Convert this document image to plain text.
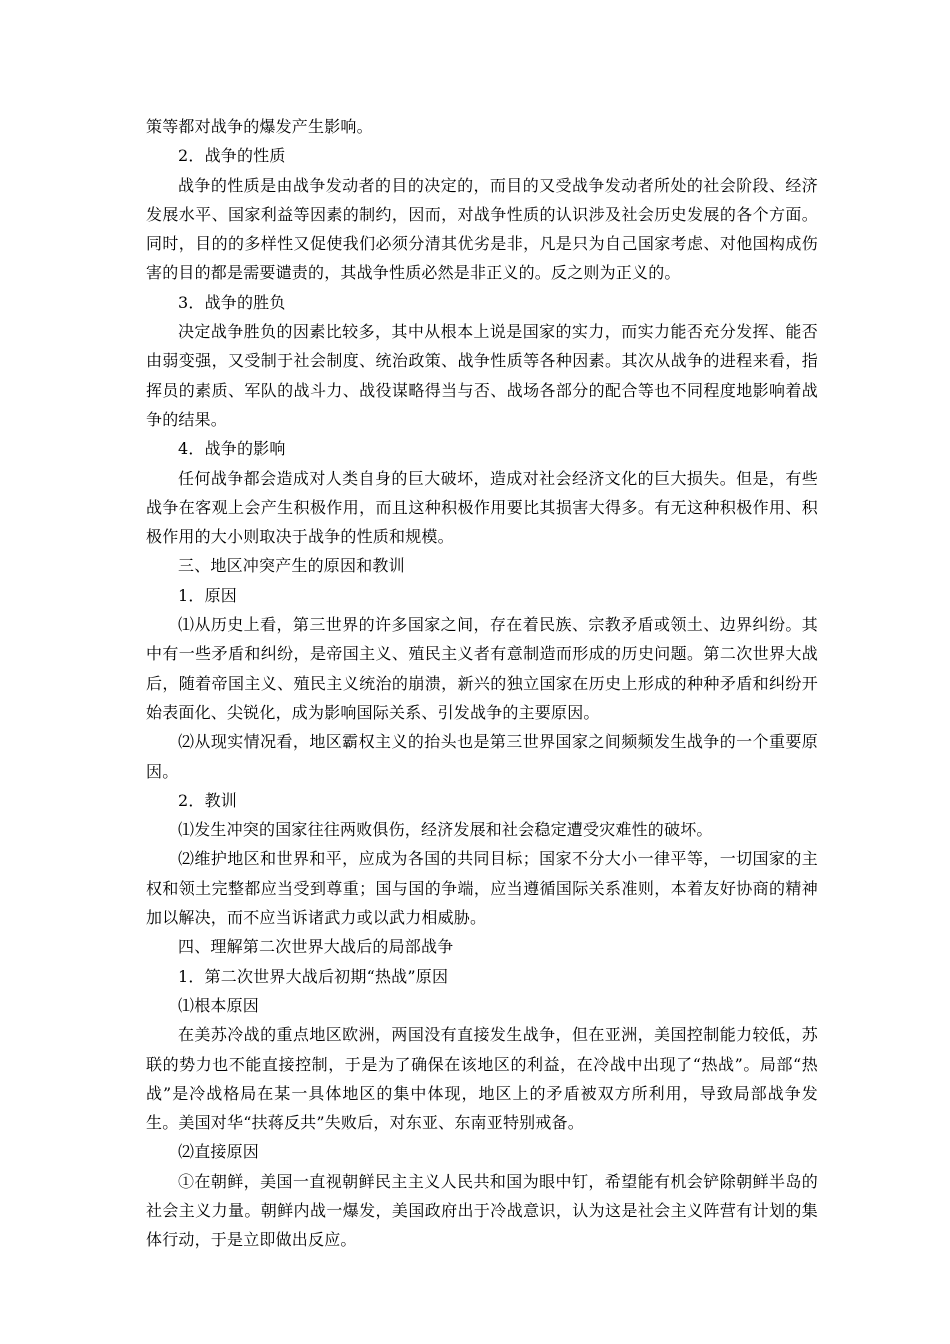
策等都对战争的爆发产生影响。

2．战争的性质

战争的性质是由战争发动者的目的决定的，而目的又受战争发动者所处的社会阶段、经济发展水平、国家利益等因素的制约，因而，对战争性质的认识涉及社会历史发展的各个方面。同时，目的的多样性又促使我们必须分清其优劣是非，凡是只为自己国家考虑、对他国构成伤害的目的都是需要谴责的，其战争性质必然是非正义的。反之则为正义的。

3．战争的胜负

决定战争胜负的因素比较多，其中从根本上说是国家的实力，而实力能否充分发挥、能否由弱变强，又受制于社会制度、统治政策、战争性质等各种因素。其次从战争的进程来看，指挥员的素质、军队的战斗力、战役谋略得当与否、战场各部分的配合等也不同程度地影响着战争的结果。

4．战争的影响

任何战争都会造成对人类自身的巨大破坏，造成对社会经济文化的巨大损失。但是，有些战争在客观上会产生积极作用，而且这种积极作用要比其损害大得多。有无这种积极作用、积极作用的大小则取决于战争的性质和规模。

三、地区冲突产生的原因和教训

1．原因

⑴从历史上看，第三世界的许多国家之间，存在着民族、宗教矛盾或领土、边界纠纷。其中有一些矛盾和纠纷，是帝国主义、殖民主义者有意制造而形成的历史问题。第二次世界大战后，随着帝国主义、殖民主义统治的崩溃，新兴的独立国家在历史上形成的种种矛盾和纠纷开始表面化、尖锐化，成为影响国际关系、引发战争的主要原因。

⑵从现实情况看，地区霸权主义的抬头也是第三世界国家之间频频发生战争的一个重要原因。

2．教训

⑴发生冲突的国家往往两败俱伤，经济发展和社会稳定遭受灾难性的破坏。

⑵维护地区和世界和平，应成为各国的共同目标；国家不分大小一律平等，一切国家的主权和领土完整都应当受到尊重；国与国的争端，应当遵循国际关系准则，本着友好协商的精神加以解决，而不应当诉诸武力或以武力相威胁。

四、理解第二次世界大战后的局部战争

1．第二次世界大战后初期“热战”原因

⑴根本原因

在美苏冷战的重点地区欧洲，两国没有直接发生战争，但在亚洲，美国控制能力较低，苏联的势力也不能直接控制，于是为了确保在该地区的利益，在冷战中出现了“热战”。局部“热战”是冷战格局在某一具体地区的集中体现，地区上的矛盾被双方所利用，导致局部战争发生。美国对华“扶蒋反共”失败后，对东亚、东南亚特别戒备。

⑵直接原因

①在朝鲜，美国一直视朝鲜民主主义人民共和国为眼中钉，希望能有机会铲除朝鲜半岛的社会主义力量。朝鲜内战一爆发，美国政府出于冷战意识，认为这是社会主义阵营有计划的集体行动，于是立即做出反应。
